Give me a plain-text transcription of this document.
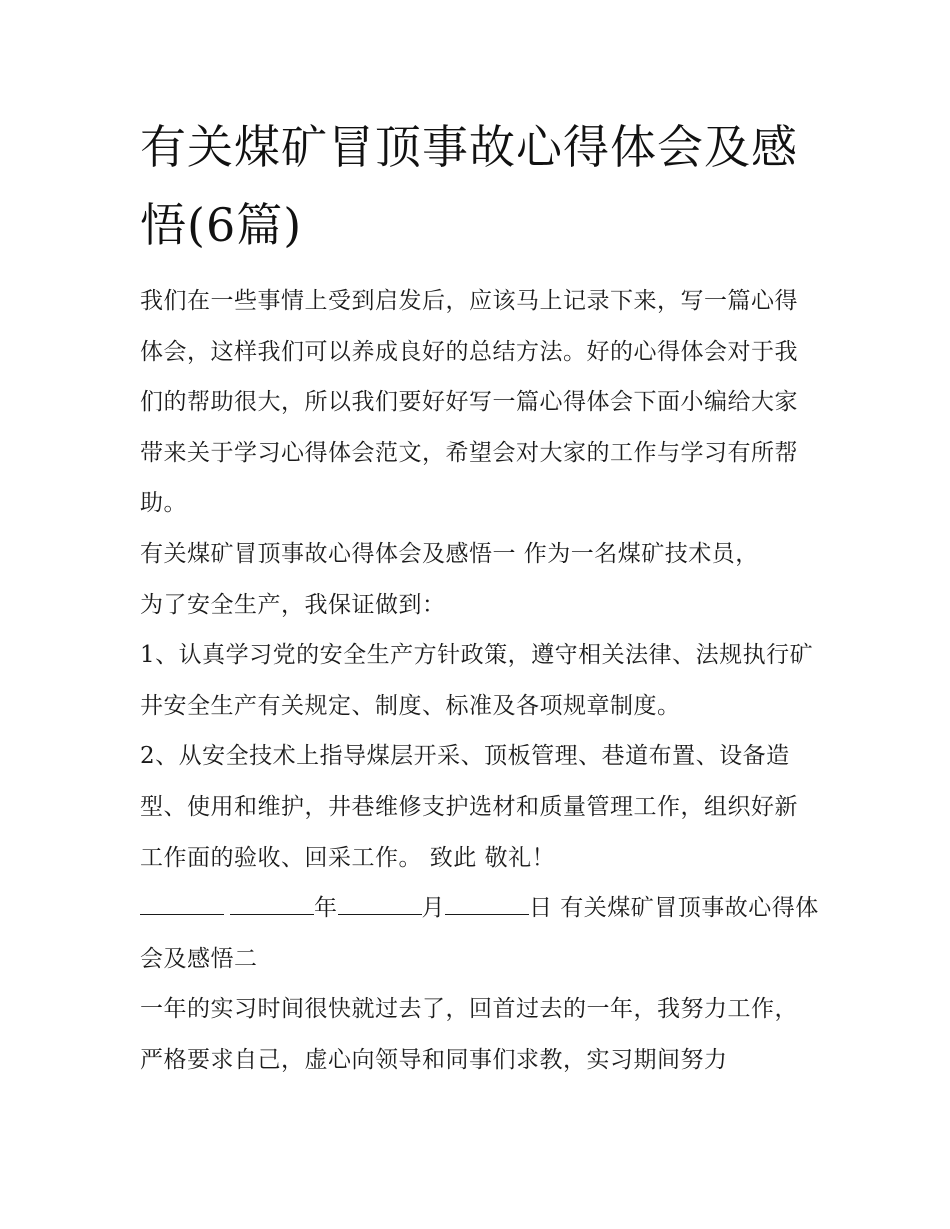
有关煤矿冒顶事故心得体会及感悟(6篇)

我们在一些事情上受到启发后，应该马上记录下来，写一篇心得体会，这样我们可以养成良好的总结方法。好的心得体会对于我们的帮助很大，所以我们要好好写一篇心得体会下面小编给大家带来关于学习心得体会范文，希望会对大家的工作与学习有所帮助。

有关煤矿冒顶事故心得体会及感悟一 作为一名煤矿技术员，

为了安全生产，我保证做到：

1、认真学习党的安全生产方针政策，遵守相关法律、法规执行矿井安全生产有关规定、制度、标准及各项规章制度。

2、从安全技术上指导煤层开采、顶板管理、巷道布置、设备造型、使用和维护，井巷维修支护选材和质量管理工作，组织好新工作面的验收、回采工作。 致此 敬礼！

年	月	日 有关煤矿冒顶事故心得体会及感悟二

一年的实习时间很快就过去了，回首过去的一年，我努力工作，严格要求自己，虚心向领导和同事们求教，实习期间努力
